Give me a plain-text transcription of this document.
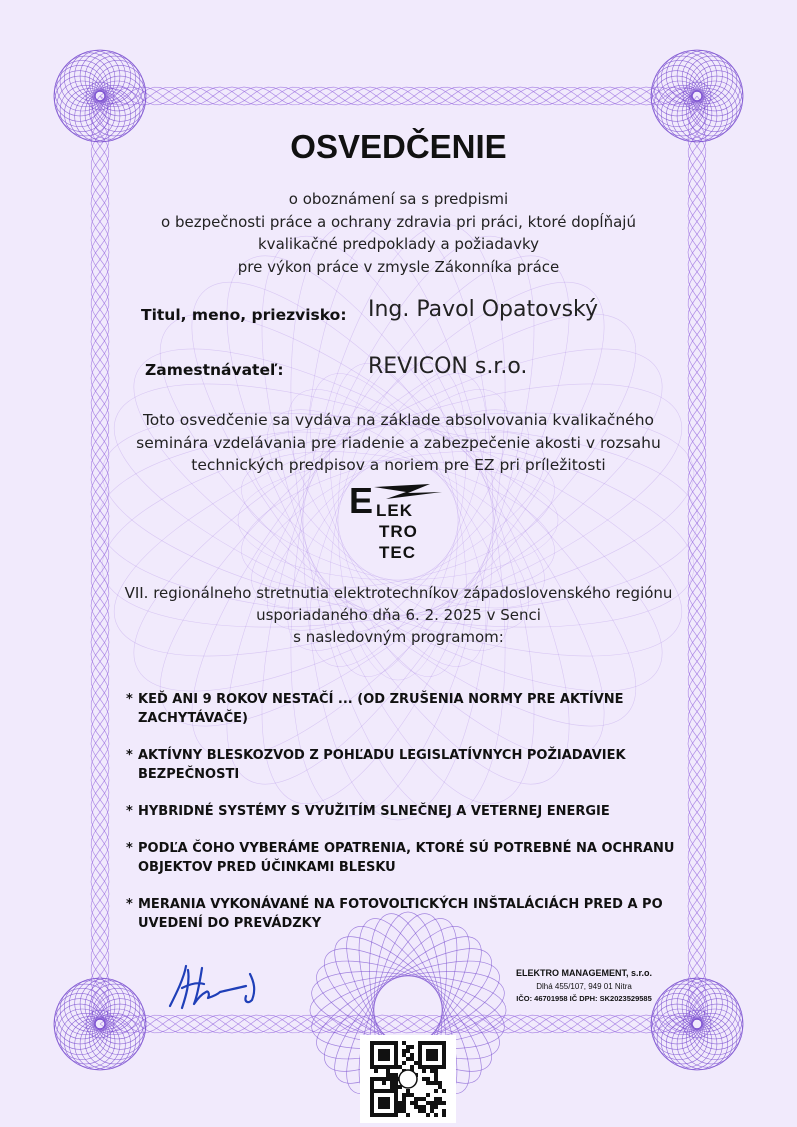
OSVEDČENIE
o oboznámení sa s predpismi
o bezpečnosti práce a ochrany zdravia pri práci, ktoré dopĺňajú
kvalikačné predpoklady a požiadavky
pre výkon práce v zmysle Zákonníka práce
Titul, meno, priezvisko: Ing. Pavol Opatovský
Zamestnávateľ:	REVICON s.r.o.
Toto osvedčenie sa vydáva na základe absolvovania kvalikačného
seminára vzdelávania pre riadenie a zabezpečenie akosti v rozsahu
technických predpisov a noriem pre EZ pri príležitosti
E LEK
TRO
TEC
VII. regionálneho stretnutia elektrotechníkov západoslovenského regiónu
usporiadaného dňa 6. 2. 2025 v Senci
s nasledovným programom:
* KEĎ ANI 9 ROKOV NESTAČÍ ... (OD ZRUŠENIA NORMY PRE AKTÍVNE
ZACHYTÁVAČE)
* AKTÍVNY BLESKOZVOD Z POHĽADU LEGISLATÍVNYCH POŽIADAVIEK
BEZPEČNOSTI
* HYBRIDNÉ SYSTÉMY S VYUŽITÍM SLNEČNEJ A VETERNEJ ENERGIE
* PODĽA ČOHO VYBERÁME OPATRENIA, KTORÉ SÚ POTREBNÉ NA OCHRANU
OBJEKTOV PRED ÚČINKAMI BLESKU
* MERANIA VYKONÁVANÉ NA FOTOVOLTICKÝCH INŠTALÁCIÁCH PRED A PO
UVEDENÍ DO PREVÁDZKY
ELEKTRO MANAGEMENT, s.r.o.
Dlhá 455/107, 949 01 Nitra
IČO: 46701958 IČ DPH: SK2023529585
